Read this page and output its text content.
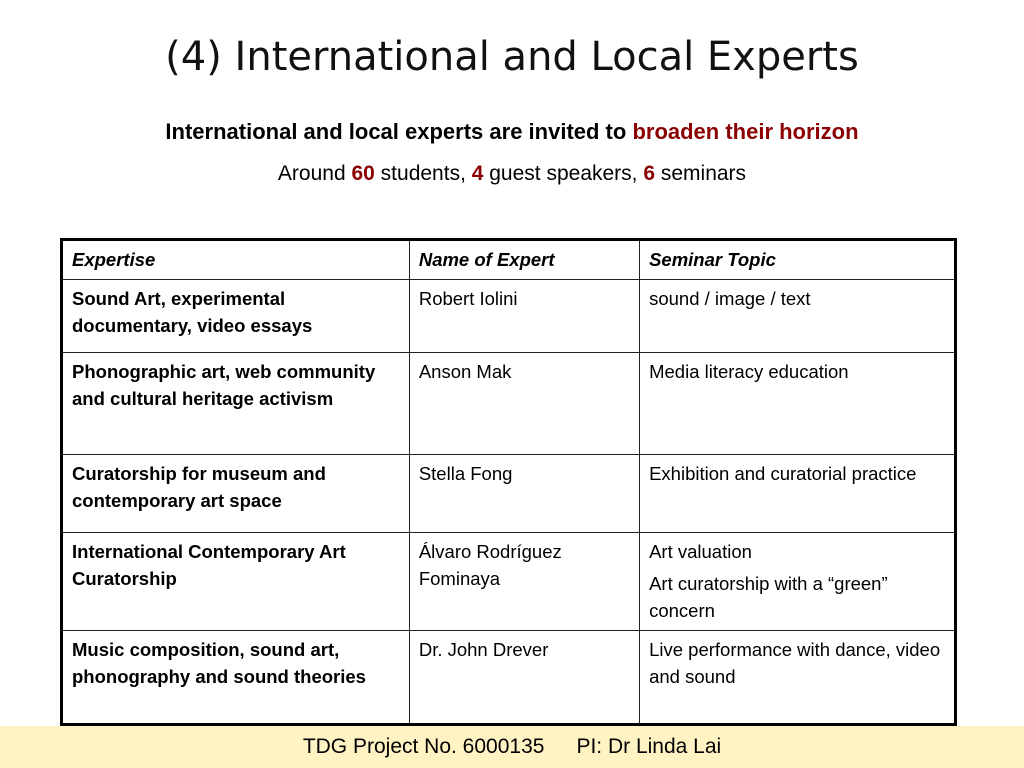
(4) International and Local Experts
International and local experts are invited to broaden their horizon
Around 60 students, 4 guest speakers, 6 seminars
Expertise	Name of Expert	Seminar Topic
Sound Art, experimental documentary, video essays	Robert Iolini	sound / image / text

Phonographic art, web community and cultural heritage activism	Anson Mak	Media literacy education

Curatorship for museum and contemporary art space	Stella Fong	Exhibition and curatorial practice

International Contemporary Art Curatorship	Álvaro Rodríguez Fominaya	Art valuation
Art curatorship with a “green” concern

Music composition, sound art, phonography and sound theories	Dr. John Drever	Live performance with dance, video and sound
TDG Project No. 6000135 PI: Dr Linda Lai
